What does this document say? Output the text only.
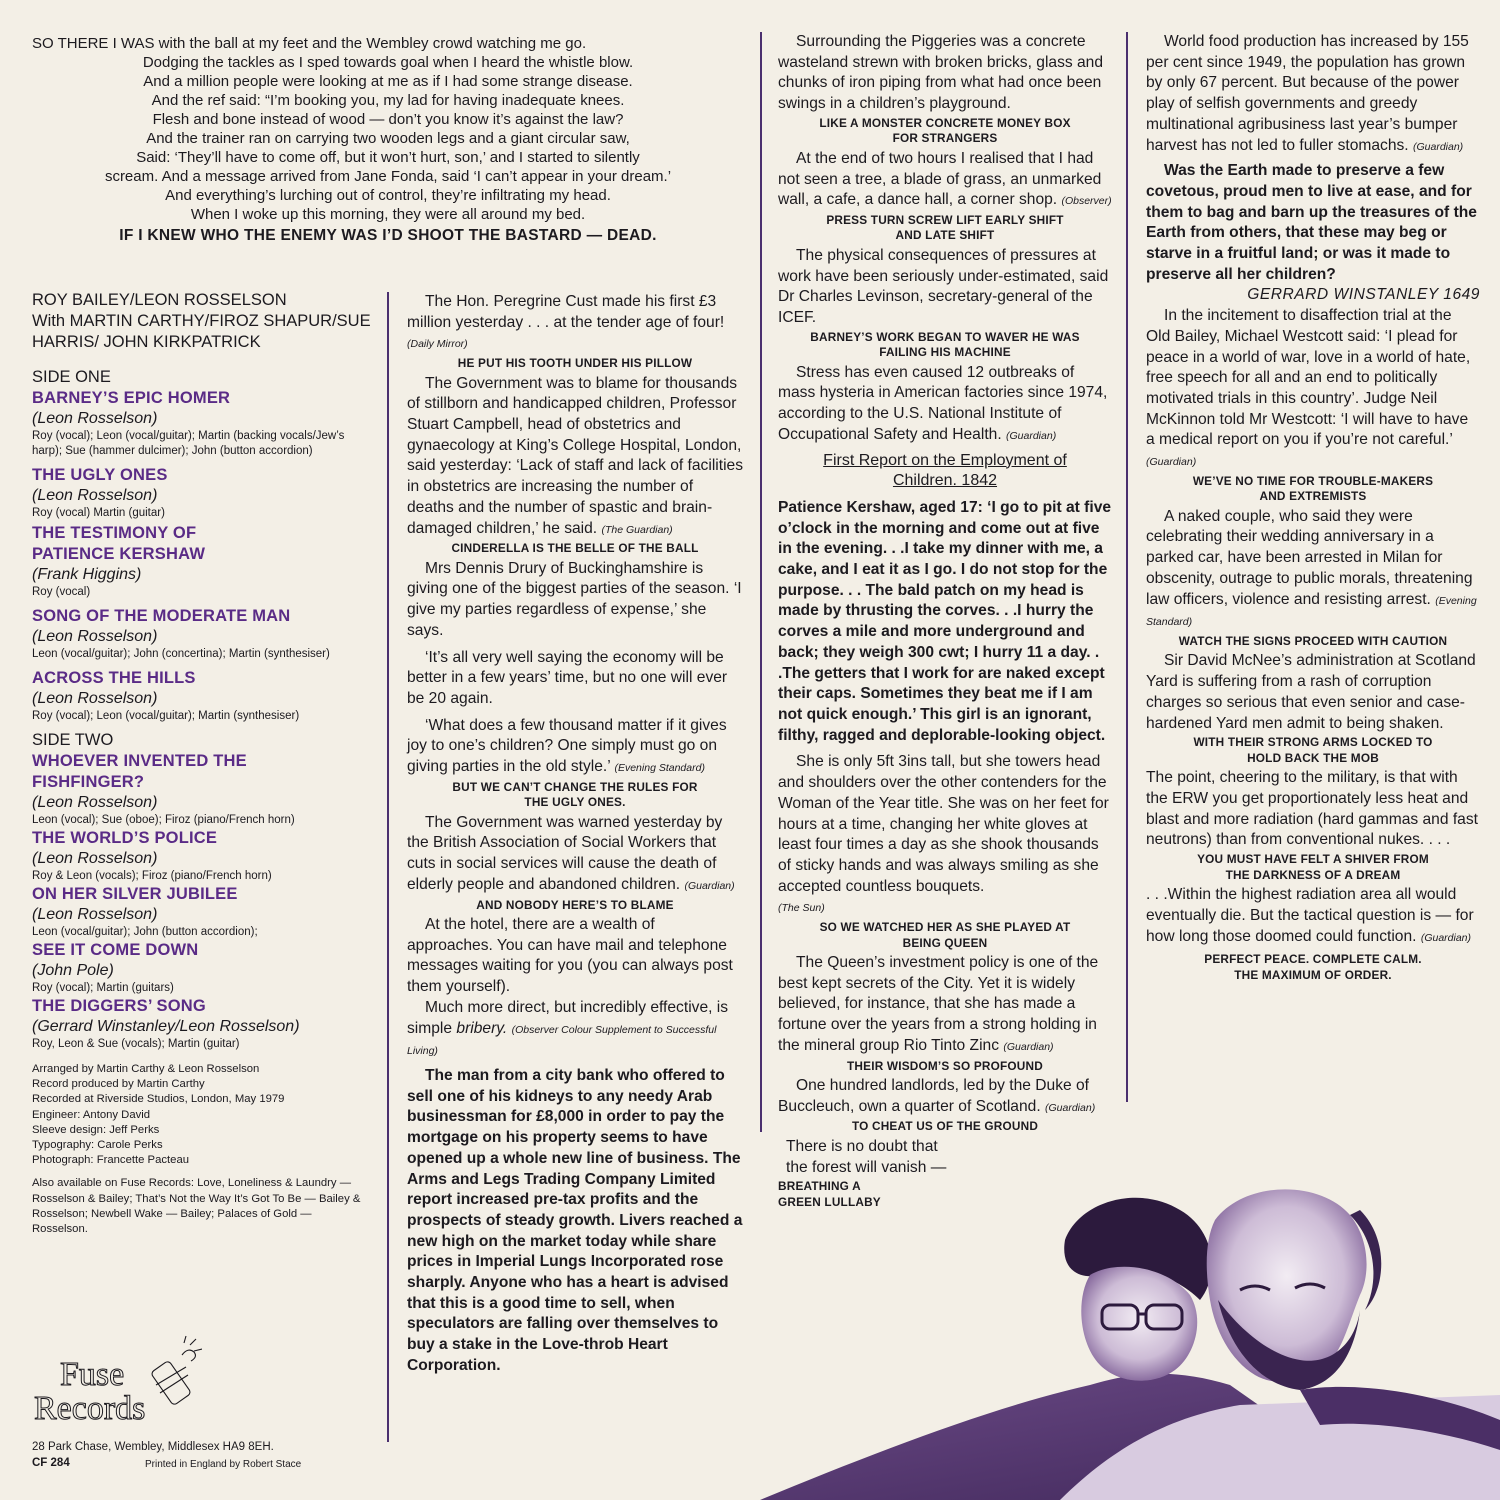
SO THERE I WAS with the ball at my feet and the Wembley crowd watching me go.
Dodging the tackles as I sped towards goal when I heard the whistle blow.
And a million people were looking at me as if I had some strange disease.
And the ref said: “I’m booking you, my lad for having inadequate knees.
Flesh and bone instead of wood — don’t you know it’s against the law?
And the trainer ran on carrying two wooden legs and a giant circular saw,
Said: ‘They’ll have to come off, but it won’t hurt, son,’ and I started to silently
scream. And a message arrived from Jane Fonda, said ‘I can’t appear in your dream.’
And everything’s lurching out of control, they’re infiltrating my head.
When I woke up this morning, they were all around my bed.
IF I KNEW WHO THE ENEMY WAS I’D SHOOT THE BASTARD — DEAD.
ROY BAILEY/LEON ROSSELSON
With MARTIN CARTHY/FIROZ SHAPUR/SUE HARRIS/ JOHN KIRKPATRICK
SIDE ONE
BARNEY’S EPIC HOMER
(Leon Rosselson)
Roy (vocal); Leon (vocal/guitar); Martin (backing vocals/Jew’s harp); Sue (hammer dulcimer); John (button accordion)
THE UGLY ONES
(Leon Rosselson)
Roy (vocal) Martin (guitar)
THE TESTIMONY OF PATIENCE KERSHAW
(Frank Higgins)
Roy (vocal)
SONG OF THE MODERATE MAN
(Leon Rosselson)
Leon (vocal/guitar); John (concertina); Martin (synthesiser)
ACROSS THE HILLS
(Leon Rosselson)
Roy (vocal); Leon (vocal/guitar); Martin (synthesiser)
SIDE TWO
WHOEVER INVENTED THE FISHFINGER?
(Leon Rosselson)
Leon (vocal); Sue (oboe); Firoz (piano/French horn)
THE WORLD’S POLICE
(Leon Rosselson)
Roy & Leon (vocals); Firoz (piano/French horn)
ON HER SILVER JUBILEE
(Leon Rosselson)
Leon (vocal/guitar); John (button accordion);
SEE IT COME DOWN
(John Pole)
Roy (vocal); Martin (guitars)
THE DIGGERS’ SONG
(Gerrard Winstanley/Leon Rosselson)
Roy, Leon & Sue (vocals); Martin (guitar)
Arranged by Martin Carthy & Leon Rosselson
Record produced by Martin Carthy
Recorded at Riverside Studios, London, May 1979
Engineer: Antony David
Sleeve design: Jeff Perks
Typography: Carole Perks
Photograph: Francette Pacteau
Also available on Fuse Records: Love, Loneliness & Laundry — Rosselson & Bailey; That’s Not the Way It’s Got To Be — Bailey & Rosselson; Newbell Wake — Bailey; Palaces of Gold — Rosselson.
Fuse
Records
28 Park Chase, Wembley, Middlesex HA9 8EH.
CF 284	Printed in England by Robert Stace

The Hon. Peregrine Cust made his first £3 million yesterday . . . at the tender age of four! (Daily Mirror)

HE PUT HIS TOOTH UNDER HIS PILLOW

The Government was to blame for thousands of stillborn and handicapped children, Professor Stuart Campbell, head of obstetrics and gynaecology at King’s College Hospital, London, said yesterday: ‘Lack of staff and lack of facilities in obstetrics are increasing the number of deaths and the number of spastic and brain-damaged children,’ he said. (The Guardian)

CINDERELLA IS THE BELLE OF THE BALL

Mrs Dennis Drury of Buckinghamshire is giving one of the biggest parties of the season. ‘I give my parties regardless of expense,’ she says.

‘It’s all very well saying the economy will be better in a few years’ time, but no one will ever be 20 again.

‘What does a few thousand matter if it gives joy to one’s children? One simply must go on giving parties in the old style.’ (Evening Standard)

BUT WE CAN’T CHANGE THE RULES FOR
THE UGLY ONES.

The Government was warned yesterday by the British Association of Social Workers that cuts in social services will cause the death of elderly people and abandoned children. (Guardian)

AND NOBODY HERE’S TO BLAME

At the hotel, there are a wealth of approaches. You can have mail and telephone messages waiting for you (you can always post them yourself).

Much more direct, but incredibly effective, is simple bribery. (Observer Colour Supplement to Successful Living)

The man from a city bank who offered to sell one of his kidneys to any needy Arab businessman for £8,000 in order to pay the mortgage on his property seems to have opened up a whole new line of business. The Arms and Legs Trading Company Limited report increased pre-tax profits and the prospects of steady growth. Livers reached a new high on the market today while share prices in Imperial Lungs Incorporated rose sharply. Anyone who has a heart is advised that this is a good time to sell, when speculators are falling over themselves to buy a stake in the Love-throb Heart Corporation.

Surrounding the Piggeries was a concrete wasteland strewn with broken bricks, glass and chunks of iron piping from what had once been swings in a children’s playground.

LIKE A MONSTER CONCRETE MONEY BOX
FOR STRANGERS

At the end of two hours I realised that I had not seen a tree, a blade of grass, an unmarked wall, a cafe, a dance hall, a corner shop. (Observer)

PRESS TURN SCREW LIFT EARLY SHIFT
AND LATE SHIFT

The physical consequences of pressures at work have been seriously under-estimated, said Dr Charles Levinson, secretary-general of the ICEF.

BARNEY’S WORK BEGAN TO WAVER HE WAS
FAILING HIS MACHINE

Stress has even caused 12 outbreaks of mass hysteria in American factories since 1974, according to the U.S. National Institute of Occupational Safety and Health. (Guardian)

First Report on the Employment of
Children. 1842

Patience Kershaw, aged 17: ‘I go to pit at five o’clock in the morning and come out at five in the evening. . .I take my dinner with me, a cake, and I eat it as I go. I do not stop for the purpose. . . The bald patch on my head is made by thrusting the corves. . .I hurry the corves a mile and more underground and back; they weigh 300 cwt; I hurry 11 a day. . .The getters that I work for are naked except their caps. Sometimes they beat me if I am not quick enough.’ This girl is an ignorant, filthy, ragged and deplorable-looking object.

She is only 5ft 3ins tall, but she towers head and shoulders over the other contenders for the Woman of the Year title. She was on her feet for hours at a time, changing her white gloves at least four times a day as she shook thousands of sticky hands and was always smiling as she accepted countless bouquets.
(The Sun)

SO WE WATCHED HER AS SHE PLAYED AT
BEING QUEEN

The Queen’s investment policy is one of the best kept secrets of the City. Yet it is widely believed, for instance, that she has made a fortune over the years from a strong holding in the mineral group Rio Tinto Zinc (Guardian)

THEIR WISDOM’S SO PROFOUND

One hundred landlords, led by the Duke of Buccleuch, own a quarter of Scotland. (Guardian)

TO CHEAT US OF THE GROUND

There is no doubt that
the forest will vanish —

BREATHING A
GREEN LULLABY

World food production has increased by 155 per cent since 1949, the population has grown by only 67 percent. But because of the power play of selfish governments and greedy multinational agribusiness last year’s bumper harvest has not led to fuller stomachs. (Guardian)

Was the Earth made to preserve a few covetous, proud men to live at ease, and for them to bag and barn up the treasures of the Earth from others, that these may beg or starve in a fruitful land; or was it made to preserve all her children?

GERRARD WINSTANLEY 1649

In the incitement to disaffection trial at the Old Bailey, Michael Westcott said: ‘I plead for peace in a world of war, love in a world of hate, free speech for all and an end to politically motivated trials in this country’. Judge Neil McKinnon told Mr Westcott: ‘I will have to have a medical report on you if you’re not careful.’ (Guardian)

WE’VE NO TIME FOR TROUBLE-MAKERS
AND EXTREMISTS

A naked couple, who said they were celebrating their wedding anniversary in a parked car, have been arrested in Milan for obscenity, outrage to public morals, threatening law officers, violence and resisting arrest. (Evening Standard)

WATCH THE SIGNS PROCEED WITH CAUTION

Sir David McNee’s administration at Scotland Yard is suffering from a rash of corruption charges so serious that even senior and case-hardened Yard men admit to being shaken.

WITH THEIR STRONG ARMS LOCKED TO
HOLD BACK THE MOB

The point, cheering to the military, is that with the ERW you get proportionately less heat and blast and more radiation (hard gammas and fast neutrons) than from conventional nukes. . . .

YOU MUST HAVE FELT A SHIVER FROM
THE DARKNESS OF A DREAM

. . .Within the highest radiation area all would eventually die. But the tactical question is — for how long those doomed could function. (Guardian)

PERFECT PEACE. COMPLETE CALM.
THE MAXIMUM OF ORDER.
